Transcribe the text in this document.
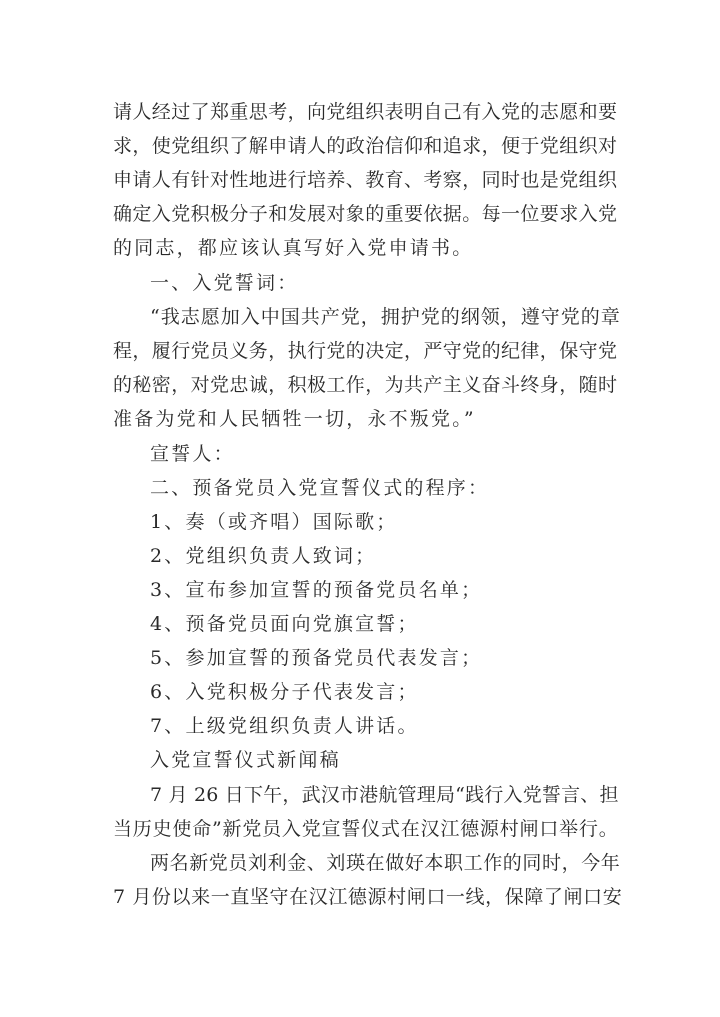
请人经过了郑重思考，向党组织表明自己有入党的志愿和要
求，使党组织了解申请人的政治信仰和追求，便于党组织对
申请人有针对性地进行培养、教育、考察，同时也是党组织
确定入党积极分子和发展对象的重要依据。每一位要求入党
的同志，都应该认真写好入党申请书。
一、入党誓词：
“我志愿加入中国共产党，拥护党的纲领，遵守党的章
程，履行党员义务，执行党的决定，严守党的纪律，保守党
的秘密，对党忠诚，积极工作，为共产主义奋斗终身，随时
准备为党和人民牺牲一切，永不叛党。”
宣誓人：
二、预备党员入党宣誓仪式的程序：
1、奏（或齐唱）国际歌；
2、党组织负责人致词；
3、宣布参加宣誓的预备党员名单；
4、预备党员面向党旗宣誓；
5、参加宣誓的预备党员代表发言；
6、入党积极分子代表发言；
7、上级党组织负责人讲话。
入党宣誓仪式新闻稿
7 月 26 日下午，武汉市港航管理局“践行入党誓言、担
当历史使命”新党员入党宣誓仪式在汉江德源村闸口举行。
两名新党员刘利金、刘瑛在做好本职工作的同时，今年
7 月份以来一直坚守在汉江德源村闸口一线，保障了闸口安
